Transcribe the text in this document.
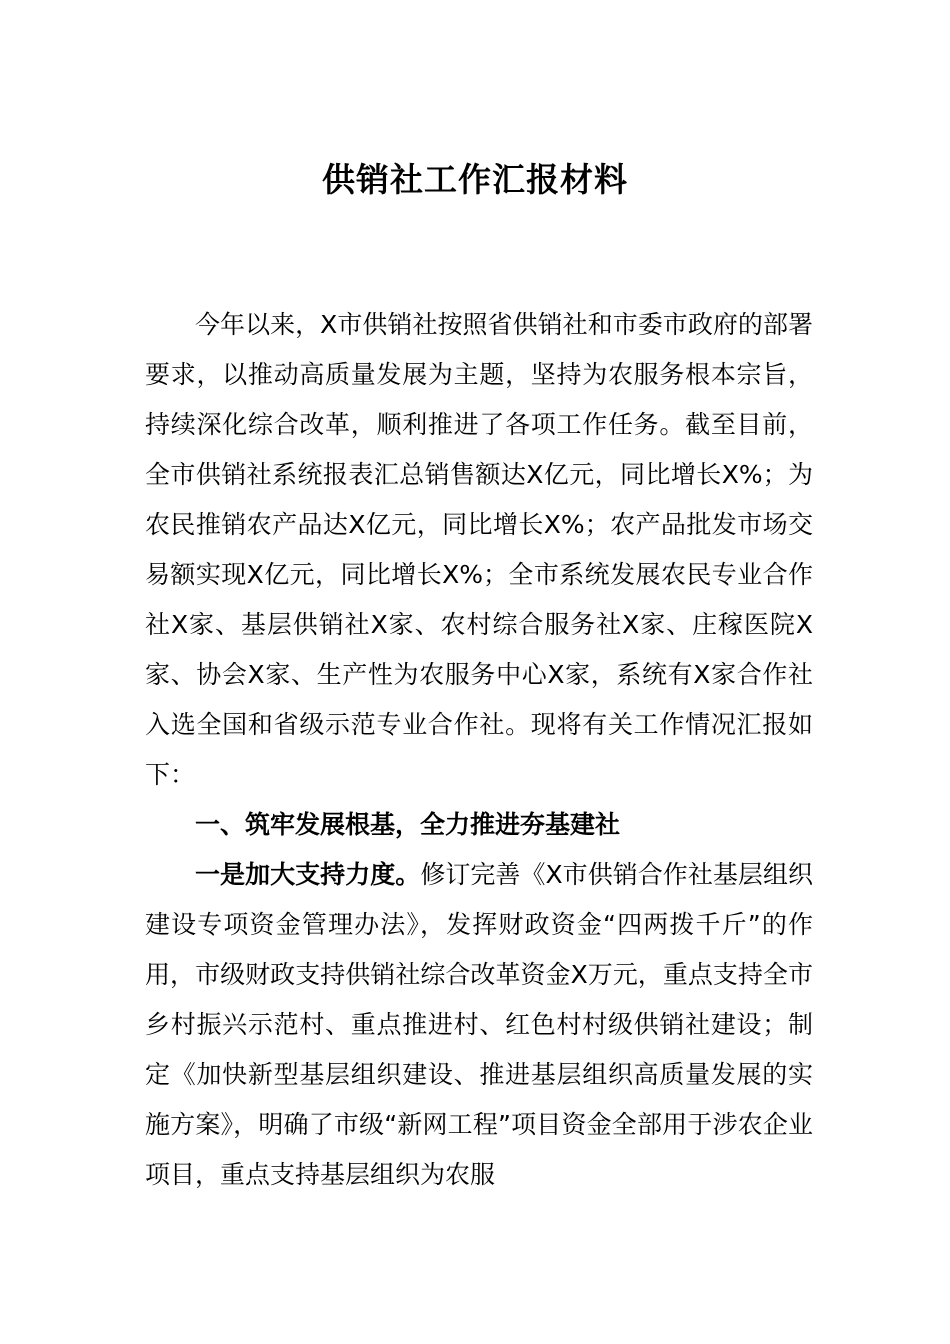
供销社工作汇报材料

今年以来，X市供销社按照省供销社和市委市政府的部署要求，以推动高质量发展为主题，坚持为农服务根本宗旨，持续深化综合改革，顺利推进了各项工作任务。截至目前，全市供销社系统报表汇总销售额达X亿元，同比增长X%；为农民推销农产品达X亿元，同比增长X%；农产品批发市场交易额实现X亿元，同比增长X%；全市系统发展农民专业合作社X家、基层供销社X家、农村综合服务社X家、庄稼医院X家、协会X家、生产性为农服务中心X家，系统有X家合作社入选全国和省级示范专业合作社。现将有关工作情况汇报如下：

一、筑牢发展根基，全力推进夯基建社

一是加大支持力度。修订完善《X市供销合作社基层组织建设专项资金管理办法》，发挥财政资金“四两拨千斤”的作用，市级财政支持供销社综合改革资金X万元，重点支持全市乡村振兴示范村、重点推进村、红色村村级供销社建设；制定《加快新型基层组织建设、推进基层组织高质量发展的实施方案》，明确了市级“新网工程”项目资金全部用于涉农企业项目，重点支持基层组织为农服
